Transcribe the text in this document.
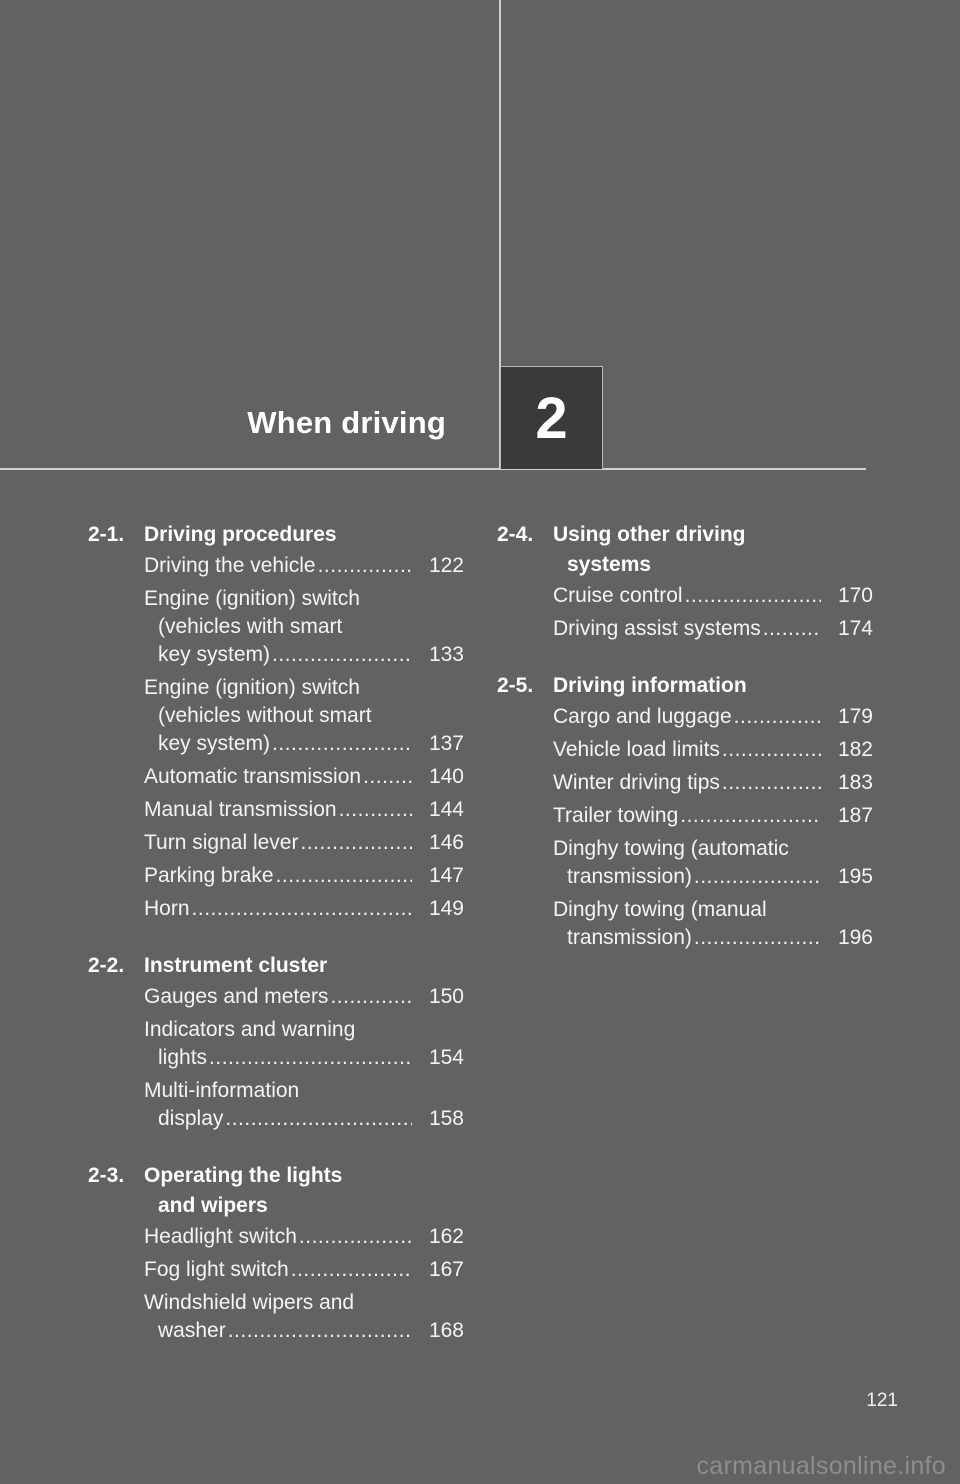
When driving 2
2-1. Driving procedures
Driving the vehicle .....	122
Engine (ignition) switch
(vehicles with smart
key system) .....	133
Engine (ignition) switch
(vehicles without smart
key system) .....	137
Automatic transmission .....	140
Manual transmission .....	144
Turn signal lever .....	146
Parking brake .....	147
Horn .....	149
2-2. Instrument cluster
Gauges and meters .....	150
Indicators and warning
lights .....	154
Multi-information
display .....	158
2-3. Operating the lights
and wipers
Headlight switch .....	162
Fog light switch .....	167
Windshield wipers and
washer .....	168
2-4. Using other driving
systems
Cruise control .....	170
Driving assist systems .....	174
2-5. Driving information
Cargo and luggage .....	179
Vehicle load limits .....	182
Winter driving tips .....	183
Trailer towing .....	187
Dinghy towing (automatic
transmission) .....	195
Dinghy towing (manual
transmission) .....	196
121
carmanualsonline.info
